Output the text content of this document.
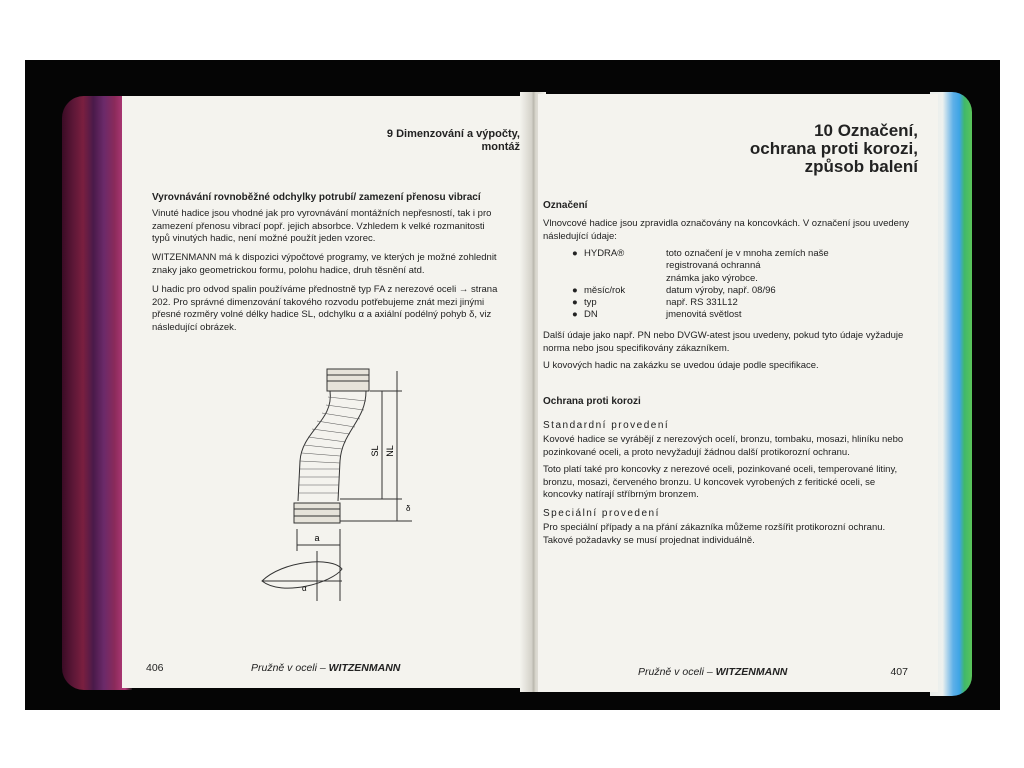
9 Dimenzování a výpočty,
montáž
Vyrovnávání rovnoběžné odchylky potrubí/ zamezení přenosu vibrací

Vinuté hadice jsou vhodné jak pro vyrovnávání montážních nepřesností, tak i pro zamezení přenosu vibrací popř. jejich absorbce. Vzhledem k velké rozmanitosti typů vinutých hadic, není možné použít jeden vzorec.

WITZENMANN má k dispozici výpočtové programy, ve kterých je možné zohlednit znaky jako geometrickou formu, polohu hadice, druh těsnění atd.

U hadic pro odvod spalin používáme přednostně typ FA z nerezové oceli → strana 202. Pro správné dimenzování takového rozvodu potřebujeme znát mezi jinými přesné rozměry volné délky hadice SL, odchylku α a axiální podélný pohyb δ, viz následující obrázek.

SL NL
a
δ
α
406	Pružně v oceli – WITZENMANN
10 Označení,
ochrana proti korozi,
způsob balení
Označení

Vlnovcové hadice jsou zpravidla označovány na koncovkách. V označení jsou uvedeny následující údaje:

● HYDRA®	toto označení je v mnoha zemích naše
registrovaná ochranná
známka jako výrobce.
● měsíc/rok	datum výroby, např. 08/96
● typ	např. RS 331L12
● DN	jmenovitá světlost

Další údaje jako např. PN nebo DVGW-atest jsou uvedeny, pokud tyto údaje vyžaduje norma nebo jsou specifikovány zákazníkem.

U kovových hadic na zakázku se uvedou údaje podle specifikace.

Ochrana proti korozi
Standardní provedení

Kovové hadice se vyrábějí z nerezových ocelí, bronzu, tombaku, mosazi, hliníku nebo pozinkované oceli, a proto nevyžadují žádnou další protikorozní ochranu.

Toto platí také pro koncovky z nerezové oceli, pozinkované oceli, temperované litiny, bronzu, mosazi, červeného bronzu. U koncovek vyrobených z feritické oceli, se koncovky natírají stříbrným bronzem.

Speciální provedení

Pro speciální případy a na přání zákazníka můžeme rozšířit protikorozní ochranu. Takové požadavky se musí projednat individuálně.

Pružně v oceli – WITZENMANN	407
